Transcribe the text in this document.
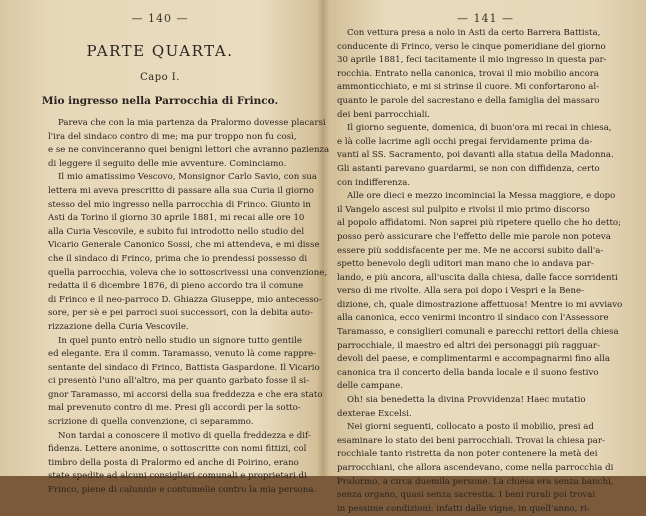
— 140 —
PARTE QUARTA.
Capo I.
Mio ingresso nella Parrocchia di Frinco.
Pareva che con la mia partenza da Pralormo dovesse placarsi
l'ira del sindaco contro di me; ma pur troppo non fu così,
e se ne convinceranno quei benigni lettori che avranno pazienza
di leggere il seguito delle mie avventure. Cominciamo.
Il mio amatissimo Vescovo, Monsignor Carlo Savio, con sua
lettera mi aveva prescritto di passare alla sua Curia il giorno
stesso del mio ingresso nella parrocchia di Frinco. Giunto in
Asti da Torino il giorno 30 aprile 1881, mi recai alle ore 10
alla Curia Vescovile, e subito fui introdotto nello studio del
Vicario Generale Canonico Sossi, che mi attendeva, e mi disse
che il sindaco di Frinco, prima che io prendessi possesso di
quella parrocchia, voleva che io sottoscrivessi una convenzione,
redatta il 6 dicembre 1876, di pieno accordo tra il comune
di Frinco e il neo-parroco D. Ghiazza Giuseppe, mio antecesso-
sore, per sè e pei parroci suoi successori, con la debita auto-
rizzazione della Curia Vescovile.
In quel punto entrò nello studio un signore tutto gentile
ed elegante. Era il comm. Taramasso, venuto là come rappre-
sentante del sindaco di Frinco, Battista Gaspardone. Il Vicario
ci presentò l'uno all'altro, ma per quanto garbato fosse il si-
gnor Taramasso, mi accorsi della sua freddezza e che era stato
mal prevenuto contro di me. Presi gli accordi per la sotto-
scrizione di quella convenzione, ci separammo.
Non tardai a conoscere il motivo di quella freddezza e dif-
fidenza. Lettere anonime, o sottoscritte con nomi fittizi, col
timbro della posta di Pralormo ed anche di Poirino, erano
state spedite ad alcuni consiglieri comunali e proprietari di
Frinco, piene di calunnie e contumelie contro la mia persona.
— 141 —
Con vettura presa a nolo in Asti da certo Barrera Battista,
conducente di Frinco, verso le cinque pomeridiane del giorno
30 aprile 1881, feci tacitamente il mio ingresso in questa par-
rocchia. Entrato nella canonica, trovai il mio mobilio ancora
ammonticchiato, e mi si strinse il cuore. Mi confortarono al-
quanto le parole del sacrestano e della famiglia del massaro
dei beni parrocchiali.
Il giorno seguente, domenica, di buon'ora mi recai in chiesa,
e là colle lacrime agli occhi pregai fervidamente prima da-
vanti al SS. Sacramento, poi davanti alla statua della Madonna.
Gli astanti parevano guardarmi, se non con diffidenza, certo
con indifferenza.
Alle ore dieci e mezzo incominciai la Messa maggiore, e dopo
il Vangelo ascesi sul pulpito e rivolsi il mio primo discorso
al popolo affidatomi. Non saprei più ripetere quello che ho detto;
posso però assicurare che l'effetto delle mie parole non poteva
essere più soddisfacente per me. Me ne accorsi subito dall'a-
spetto benevolo degli uditori man mano che io andava par-
lando, e più ancora, all'uscita dalla chiesa, dalle facce sorridenti
verso di me rivolte. Alla sera poi dopo i Vespri e la Bene-
dizione, ch, quale dimostrazione affettuosa! Mentre io mi avviavo
alla canonica, ecco venirmi incontro il sindaco con l'Assessore
Taramasso, e consiglieri comunali e parecchi rettori della chiesa
parrocchiale, il maestro ed altri dei personaggi più ragguar-
devoli del paese, e complimentarmi e accompagnarmi fino alla
canonica tra il concerto della banda locale e il suono festivo
delle campane.
Oh! sia benedetta la divina Provvidenza! Haec mutatio
dexterae Excelsi.
Nei giorni seguenti, collocato a posto il mobilio, presi ad
esaminare lo stato dei beni parrocchiali. Trovai la chiesa par-
rocchiale tanto ristretta da non poter contenere la metà dei
parrocchiani, che allora ascendevano, come nella parrocchia di
Pralormo, a circa duemila persone. La chiesa era senza banchi,
senza organo, quasi senza sacrestia. I beni rurali poi trovai
in pessime condizioni: infatti dalle vigne, in quell'anno, ri-
